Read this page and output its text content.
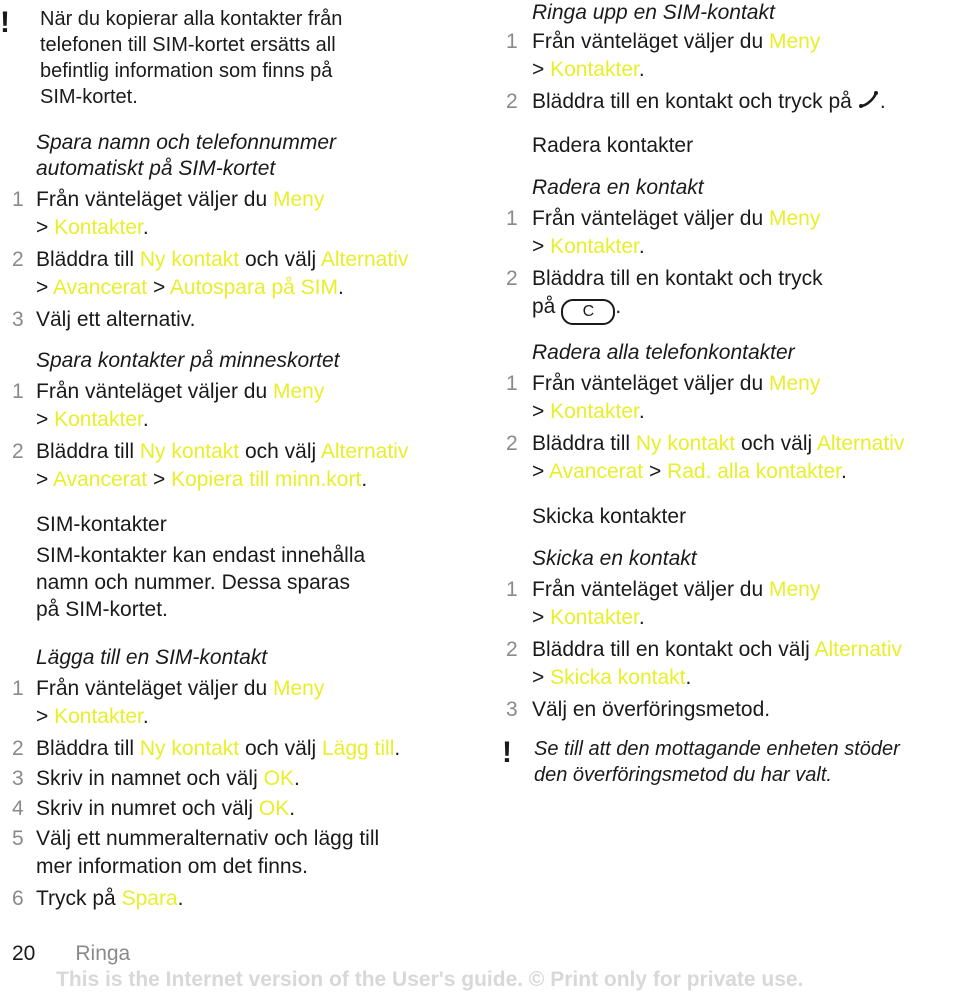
! När du kopierar alla kontakter från
telefonen till SIM-kortet ersätts all
befintlig information som finns på
SIM-kortet.
Spara namn och telefonnummer
automatiskt på SIM-kortet
1 Från vänteläget väljer du Meny
> Kontakter.
2 Bläddra till Ny kontakt och välj Alternativ
> Avancerat > Autospara på SIM.
3 Välj ett alternativ.
Spara kontakter på minneskortet
1 Från vänteläget väljer du Meny
> Kontakter.
2 Bläddra till Ny kontakt och välj Alternativ
> Avancerat > Kopiera till minn.kort.
SIM-kontakter
SIM-kontakter kan endast innehålla
namn och nummer. Dessa sparas
på SIM-kortet.
Lägga till en SIM-kontakt
1 Från vänteläget väljer du Meny
> Kontakter.
2 Bläddra till Ny kontakt och välj Lägg till.
3 Skriv in namnet och välj OK.
4 Skriv in numret och välj OK.
5 Välj ett nummeralternativ och lägg till
mer information om det finns.
6 Tryck på Spara.
Ringa upp en SIM-kontakt
1 Från vänteläget väljer du Meny
> Kontakter.
2 Bläddra till en kontakt och tryck på .
Radera kontakter
Radera en kontakt
1 Från vänteläget väljer du Meny
> Kontakter.
2 Bläddra till en kontakt och tryck
på C .
Radera alla telefonkontakter
1 Från vänteläget väljer du Meny
> Kontakter.
2 Bläddra till Ny kontakt och välj Alternativ
> Avancerat > Rad. alla kontakter.
Skicka kontakter
Skicka en kontakt
1 Från vänteläget väljer du Meny
> Kontakter.
2 Bläddra till en kontakt och välj Alternativ
> Skicka kontakt.
3 Välj en överföringsmetod.
! Se till att den mottagande enheten stöder
den överföringsmetod du har valt.
20 Ringa
This is the Internet version of the User's guide. © Print only for private use.
